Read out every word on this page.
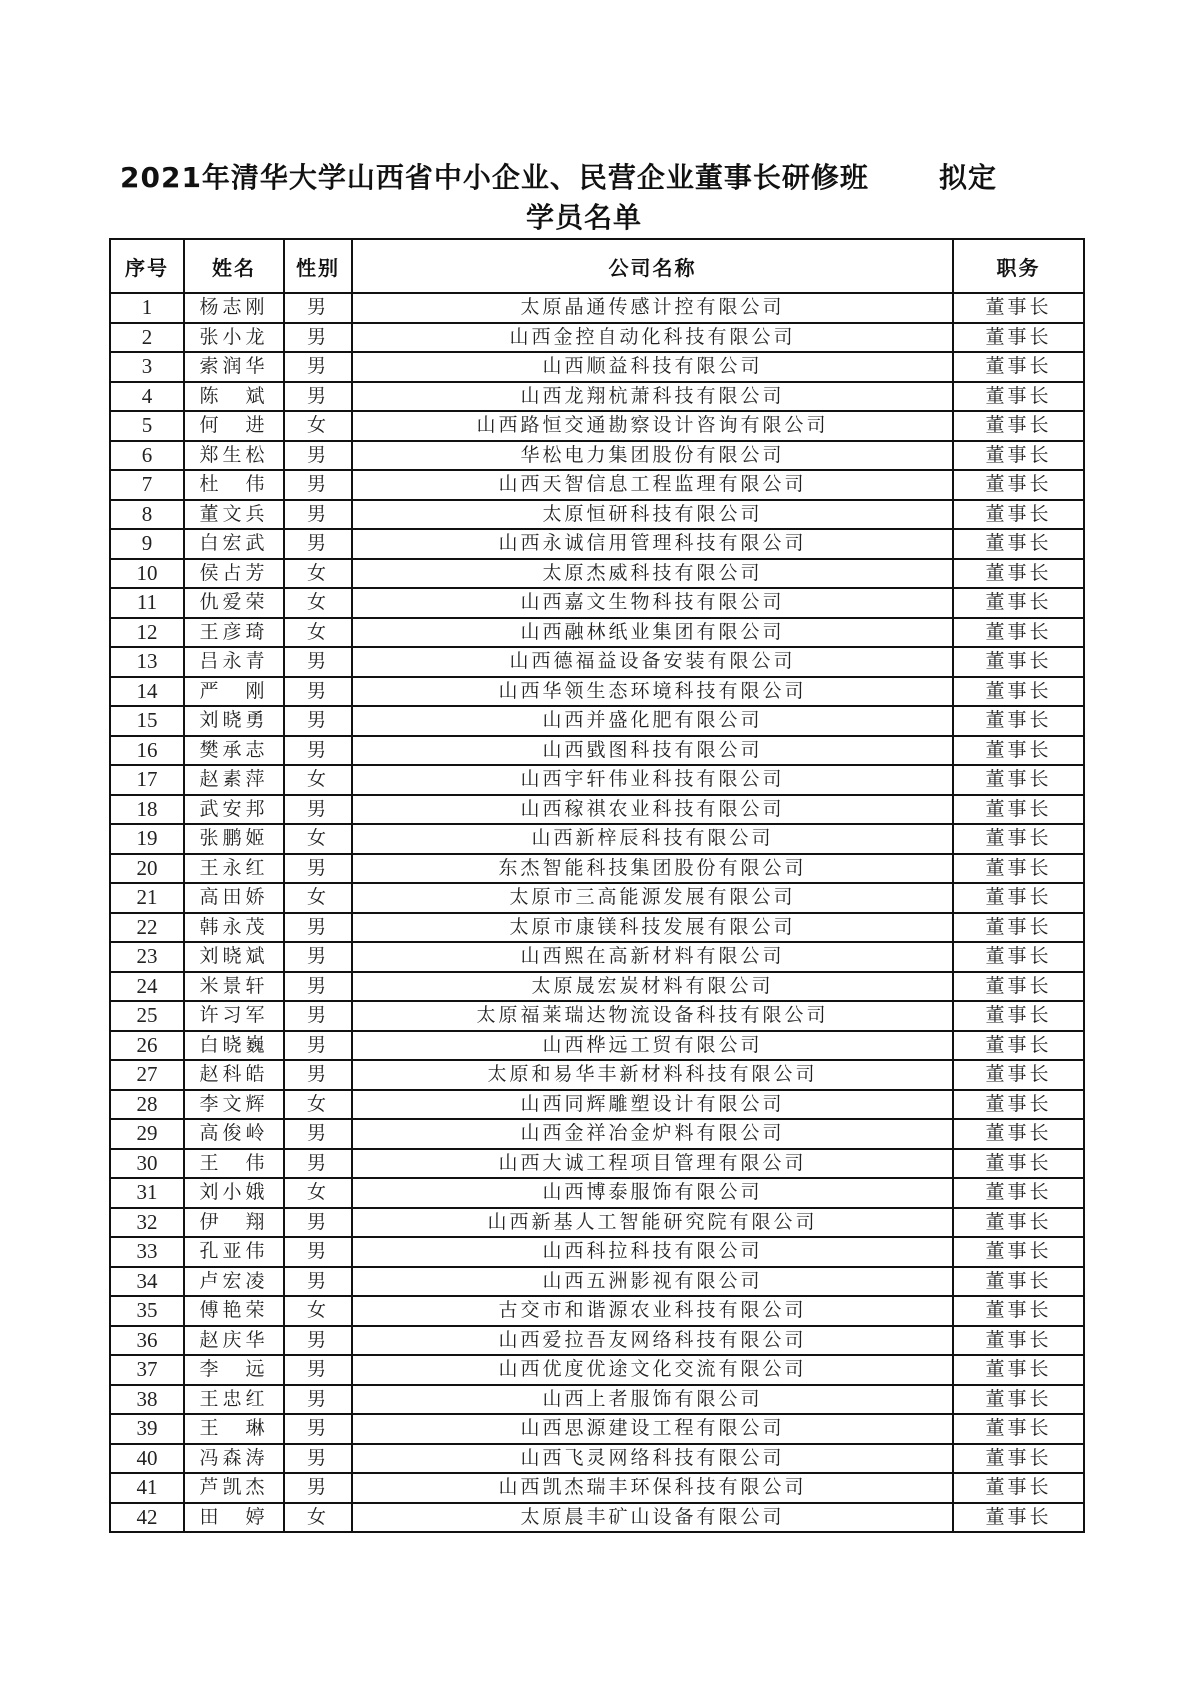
2021年清华大学山西省中小企业、民营企业董事长研修班	拟定
学员名单
序号	姓名	性别	公司名称	职务
1	杨志刚	男	太原晶通传感计控有限公司	董事长
2	张小龙	男	山西金控自动化科技有限公司	董事长
3	索润华	男	山西顺益科技有限公司	董事长
4	陈　斌	男	山西龙翔杭萧科技有限公司	董事长
5	何　进	女	山西路恒交通勘察设计咨询有限公司	董事长
6	郑生松	男	华松电力集团股份有限公司	董事长
7	杜　伟	男	山西天智信息工程监理有限公司	董事长
8	董文兵	男	太原恒研科技有限公司	董事长
9	白宏武	男	山西永诚信用管理科技有限公司	董事长
10	侯占芳	女	太原杰威科技有限公司	董事长
11	仇爱荣	女	山西嘉文生物科技有限公司	董事长
12	王彦琦	女	山西融林纸业集团有限公司	董事长
13	吕永青	男	山西德福益设备安装有限公司	董事长
14	严　刚	男	山西华领生态环境科技有限公司	董事长
15	刘晓勇	男	山西并盛化肥有限公司	董事长
16	樊承志	男	山西戥图科技有限公司	董事长
17	赵素萍	女	山西宇轩伟业科技有限公司	董事长
18	武安邦	男	山西稼祺农业科技有限公司	董事长
19	张鹏姬	女	山西新梓辰科技有限公司	董事长
20	王永红	男	东杰智能科技集团股份有限公司	董事长
21	高田娇	女	太原市三高能源发展有限公司	董事长
22	韩永茂	男	太原市康镁科技发展有限公司	董事长
23	刘晓斌	男	山西熙在高新材料有限公司	董事长
24	米景轩	男	太原晟宏炭材料有限公司	董事长
25	许习军	男	太原福莱瑞达物流设备科技有限公司	董事长
26	白晓巍	男	山西桦远工贸有限公司	董事长
27	赵科皓	男	太原和易华丰新材料科技有限公司	董事长
28	李文辉	女	山西同辉雕塑设计有限公司	董事长
29	高俊岭	男	山西金祥冶金炉料有限公司	董事长
30	王　伟	男	山西大诚工程项目管理有限公司	董事长
31	刘小娥	女	山西博泰服饰有限公司	董事长
32	伊　翔	男	山西新基人工智能研究院有限公司	董事长
33	孔亚伟	男	山西科拉科技有限公司	董事长
34	卢宏凌	男	山西五洲影视有限公司	董事长
35	傅艳荣	女	古交市和谐源农业科技有限公司	董事长
36	赵庆华	男	山西爱拉吾友网络科技有限公司	董事长
37	李　远	男	山西优度优途文化交流有限公司	董事长
38	王忠红	男	山西上者服饰有限公司	董事长
39	王　琳	男	山西思源建设工程有限公司	董事长
40	冯森涛	男	山西飞灵网络科技有限公司	董事长
41	芦凯杰	男	山西凯杰瑞丰环保科技有限公司	董事长
42	田　婷	女	太原晨丰矿山设备有限公司	董事长
